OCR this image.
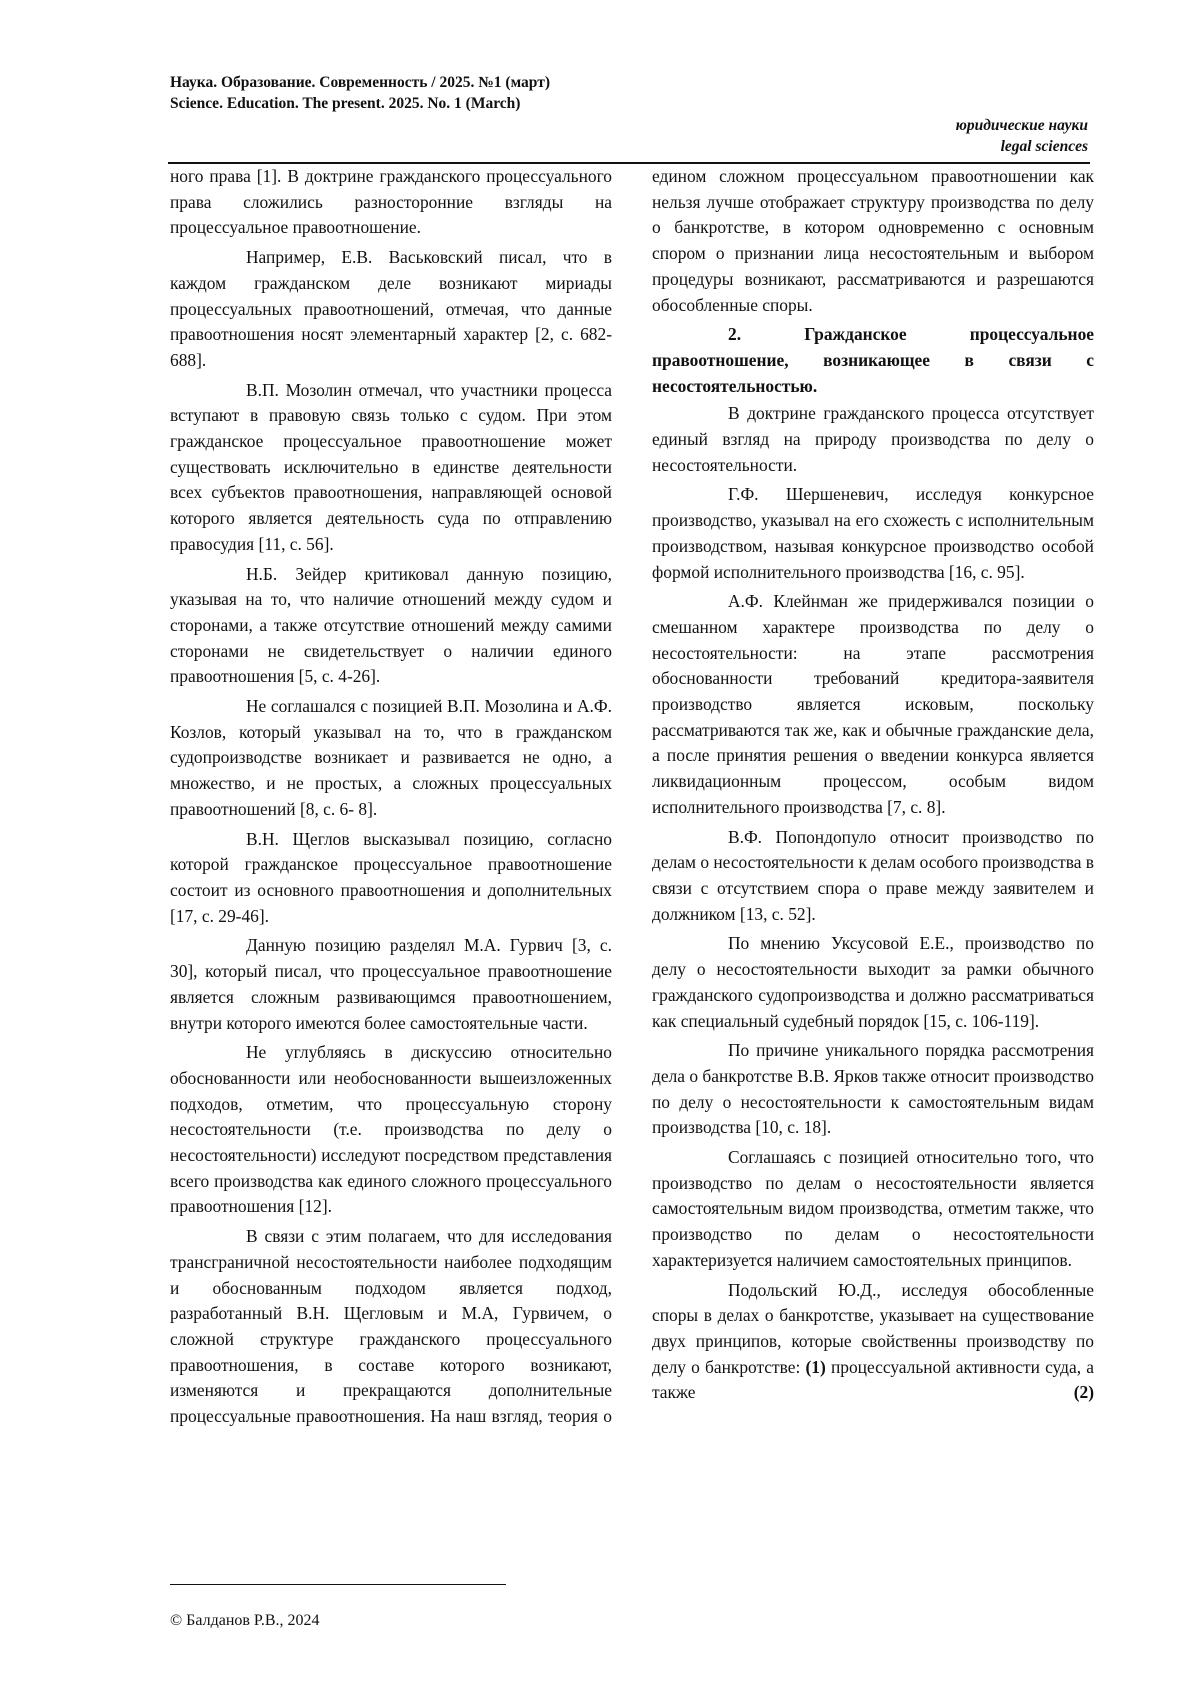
Наука. Образование. Современность / 2025. №1 (март)
Science. Education. The present. 2025. No. 1 (March)
юридические науки
legal sciences

ного права [1]. В доктрине гражданского процессуального права сложились разносторонние взгляды на процессуальное правоотношение.

Например, Е.В. Васьковский писал, что в каждом гражданском деле возникают мириады процессуальных правоотношений, отмечая, что данные правоотношения носят элементарный характер [2, с. 682-688].

В.П. Мозолин отмечал, что участники процесса вступают в правовую связь только с судом. При этом гражданское процессуальное правоотношение может существовать исключительно в единстве деятельности всех субъектов правоотношения, направляющей основой которого является деятельность суда по отправлению правосудия [11, с. 56].

Н.Б. Зейдер критиковал данную позицию, указывая на то, что наличие отношений между судом и сторонами, а также отсутствие отношений между самими сторонами не свидетельствует о наличии единого правоотношения [5, с. 4-26].

Не соглашался с позицией В.П. Мозолина и А.Ф. Козлов, который указывал на то, что в гражданском судопроизводстве возникает и развивается не одно, а множество, и не простых, а сложных процессуальных правоотношений [8, с. 6- 8].

В.Н. Щеглов высказывал позицию, согласно которой гражданское процессуальное правоотношение состоит из основного правоотношения и дополнительных [17, с. 29-46].

Данную позицию разделял М.А. Гурвич [3, с. 30], который писал, что процессуальное правоотношение является сложным развивающимся правоотношением, внутри которого имеются более самостоятельные части.

Не углубляясь в дискуссию относительно обоснованности или необоснованности вышеизложенных подходов, отметим, что процессуальную сторону несостоятельности (т.е. производства по делу о несостоятельности) исследуют посредством представления всего производства как единого сложного процессуального правоотношения [12].

В связи с этим полагаем, что для исследования трансграничной несостоятельности наиболее подходящим и обоснованным подходом является подход, разработанный В.Н. Щегловым и М.А, Гурвичем, о сложной структуре гражданского процессуального правоотношения, в составе которого возникают, изменяются и прекращаются дополнительные процессуальные правоотношения. На наш взгляд, теория о

едином сложном процессуальном правоотношении как нельзя лучше отображает структуру производства по делу о банкротстве, в котором одновременно с основным спором о признании лица несостоятельным и выбором процедуры возникают, рассматриваются и разрешаются обособленные споры.

2. Гражданское процессуальное правоотношение, возникающее в связи с несостоятельностью.

В доктрине гражданского процесса отсутствует единый взгляд на природу производства по делу о несостоятельности.

Г.Ф. Шершеневич, исследуя конкурсное производство, указывал на его схожесть с исполнительным производством, называя конкурсное производство особой формой исполнительного производства [16, с. 95].

А.Ф. Клейнман же придерживался позиции о смешанном характере производства по делу о несостоятельности: на этапе рассмотрения обоснованности требований кредитора-заявителя производство является исковым, поскольку рассматриваются так же, как и обычные гражданские дела, а после принятия решения о введении конкурса является ликвидационным процессом, особым видом исполнительного производства [7, с. 8].

В.Ф. Попондопуло относит производство по делам о несостоятельности к делам особого производства в связи с отсутствием спора о праве между заявителем и должником [13, с. 52].

По мнению Уксусовой Е.Е., производство по делу о несостоятельности выходит за рамки обычного гражданского судопроизводства и должно рассматриваться как специальный судебный порядок [15, с. 106-119].

По причине уникального порядка рассмотрения дела о банкротстве В.В. Ярков также относит производство по делу о несостоятельности к самостоятельным видам производства [10, с. 18].

Соглашаясь с позицией относительно того, что производство по делам о несостоятельности является самостоятельным видом производства, отметим также, что производство по делам о несостоятельности характеризуется наличием самостоятельных принципов.

Подольский Ю.Д., исследуя обособленные споры в делах о банкротстве, указывает на существование двух принципов, которые свойственны производству по делу о банкротстве: (1) процессуальной активности суда, а также (2)

© Балданов Р.В., 2024
